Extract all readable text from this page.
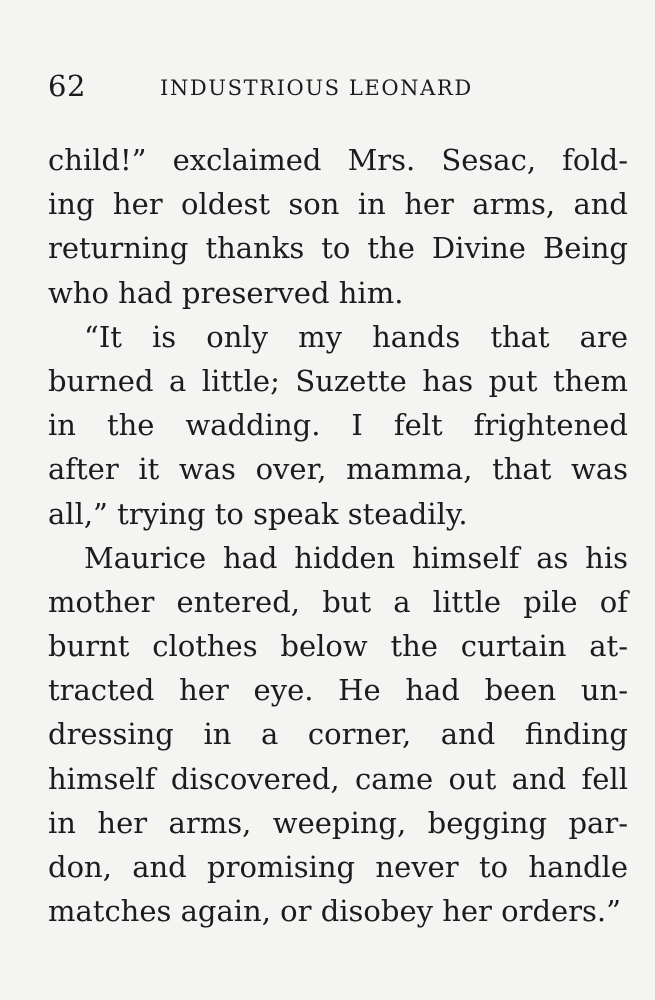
62	INDUSTRIOUS LEONARD
child!” exclaimed Mrs. Sesac, fold-
ing her oldest son in her arms, and
returning thanks to the Divine Being
who had preserved him.
“It is only my hands that are
burned a little; Suzette has put them
in the wadding. I felt frightened
after it was over, mamma, that was
all,” trying to speak steadily.
Maurice had hidden himself as his
mother entered, but a little pile of
burnt clothes below the curtain at-
tracted her eye. He had been un-
dressing in a corner, and finding
himself discovered, came out and fell
in her arms, weeping, begging par-
don, and promising never to handle
matches again, or disobey her orders.”
